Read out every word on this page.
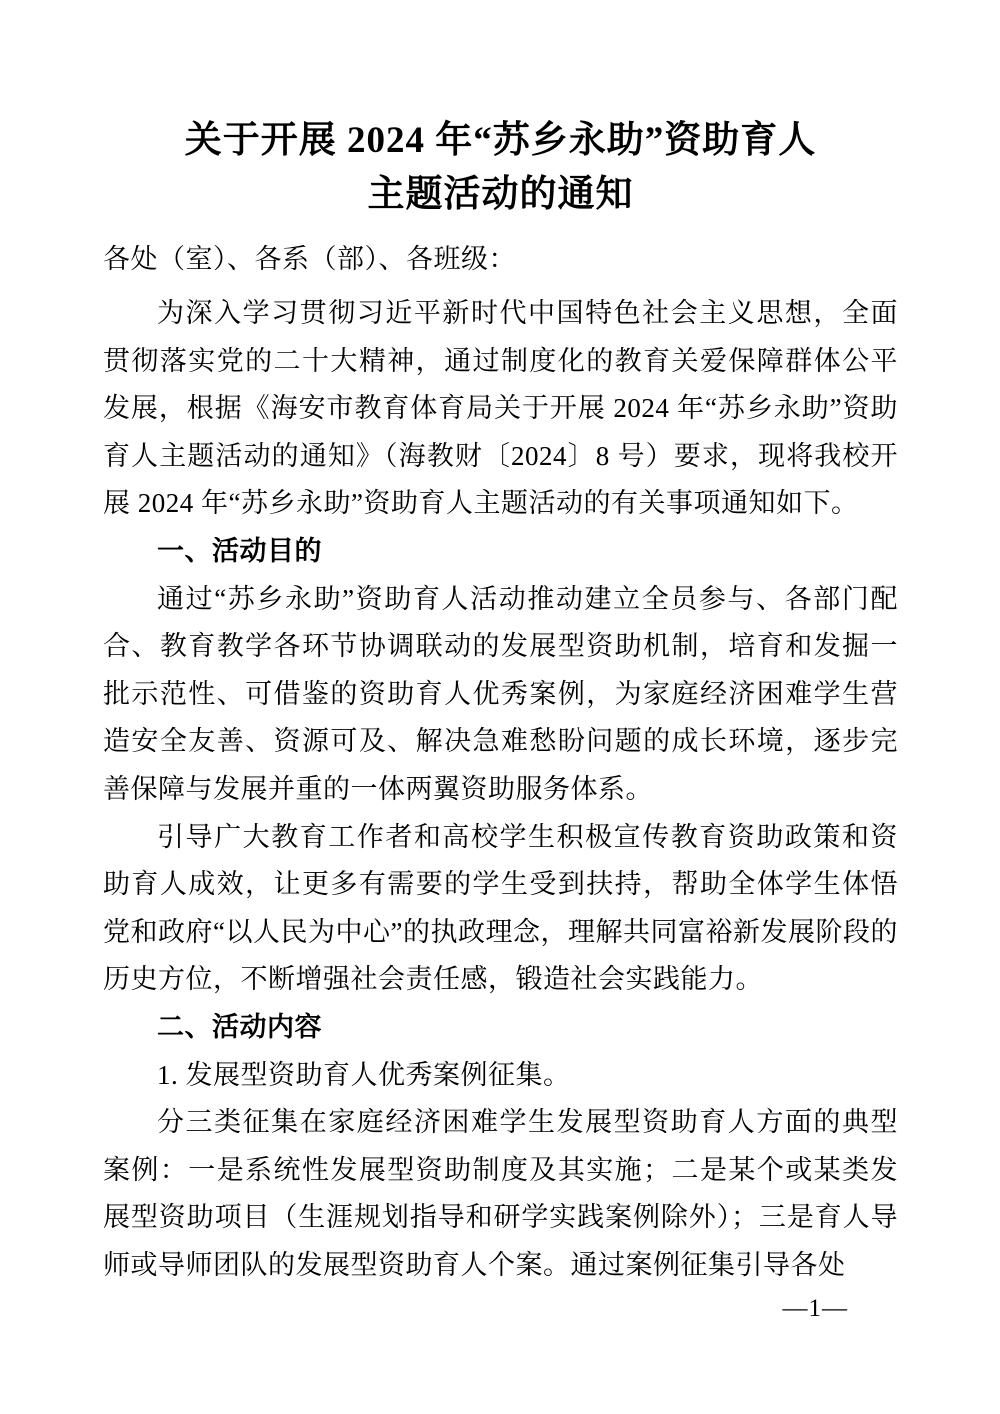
关于开展 2024 年“苏乡永助”资助育人
主题活动的通知

各处（室）、各系（部）、各班级：

为深入学习贯彻习近平新时代中国特色社会主义思想，全面贯彻落实党的二十大精神，通过制度化的教育关爱保障群体公平发展，根据《海安市教育体育局关于开展 2024 年“苏乡永助”资助育人主题活动的通知》（海教财〔2024〕8 号）要求，现将我校开展 2024 年“苏乡永助”资助育人主题活动的有关事项通知如下。

一、活动目的

通过“苏乡永助”资助育人活动推动建立全员参与、各部门配合、教育教学各环节协调联动的发展型资助机制，培育和发掘一批示范性、可借鉴的资助育人优秀案例，为家庭经济困难学生营造安全友善、资源可及、解决急难愁盼问题的成长环境，逐步完善保障与发展并重的一体两翼资助服务体系。

引导广大教育工作者和高校学生积极宣传教育资助政策和资助育人成效，让更多有需要的学生受到扶持，帮助全体学生体悟党和政府“以人民为中心”的执政理念，理解共同富裕新发展阶段的历史方位，不断增强社会责任感，锻造社会实践能力。

二、活动内容

1. 发展型资助育人优秀案例征集。

分三类征集在家庭经济困难学生发展型资助育人方面的典型案例：一是系统性发展型资助制度及其实施；二是某个或某类发展型资助项目（生涯规划指导和研学实践案例除外）；三是育人导师或导师团队的发展型资助育人个案。通过案例征集引导各处

—1—
